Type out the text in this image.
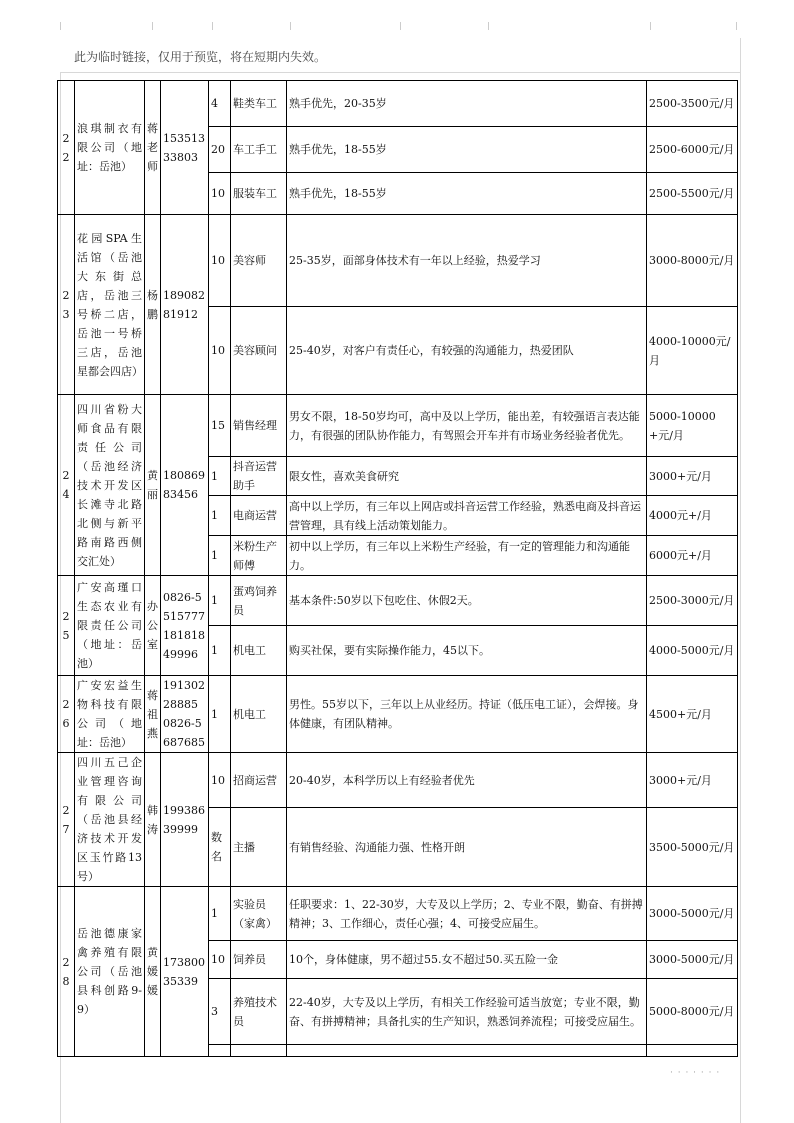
此为临时链接，仅用于预览，将在短期内失效。
22	浪琪制衣有限公司（地址：岳池）	蒋老师	15351333803	4	鞋类车工	熟手优先，20-35岁	2500-3500元/月
				20	车工手工	熟手优先，18-55岁	2500-6000元/月
				10	服装车工	熟手优先，18-55岁	2500-5500元/月
23	花园SPA生活馆（岳池大东街总店，岳池三号桥二店，岳池一号桥三店，岳池星都会四店）	杨鹏	18908281912	10	美容师	25-35岁，面部身体技术有一年以上经验，热爱学习	3000-8000元/月
				10	美容顾问	25-40岁，对客户有责任心，有较强的沟通能力，热爱团队	4000-10000元/月
24	四川省粉大师食品有限责任公司（岳池经济技术开发区长滩寺北路北侧与新平路南路西侧交汇处）	黄丽	18086983456	15	销售经理	男女不限，18-50岁均可，高中及以上学历，能出差，有较强语言表达能力，有很强的团队协作能力，有驾照会开车并有市场业务经验者优先。	5000-10000+元/月
				1	抖音运营助手	限女性，喜欢美食研究	3000+元/月
				1	电商运营	高中以上学历，有三年以上网店或抖音运营工作经验，熟悉电商及抖音运营管理，具有线上活动策划能力。	4000元+/月
				1	米粉生产师傅	初中以上学历，有三年以上米粉生产经验，有一定的管理能力和沟通能力。	6000元+/月
25	广安高瑾口生态农业有限责任公司（地址：岳池）	办公室	0826-5515777 18181849996	1	蛋鸡饲养员	基本条件:50岁以下包吃住、休假2天。	2500-3000元/月
				1	机电工	购买社保，要有实际操作能力，45以下。	4000-5000元/月
26	广安宏益生物科技有限公司（地址：岳池）	蒋祖燕	19130228885 0826-5687685	1	机电工	男性。55岁以下，三年以上从业经历。持证（低压电工证），会焊接。身体健康，有团队精神。	4500+元/月
27	四川五己企业管理咨询有限公司（岳池县经济技术开发区玉竹路13号）	韩涛	19938639999	10	招商运营	20-40岁，本科学历以上有经验者优先	3000+元/月
				数名	主播	有销售经验、沟通能力强、性格开朗	3500-5000元/月
28	岳池德康家禽养殖有限公司（岳池县科创路9-9）	黄媛媛	17380035339	1	实验员（家禽）	任职要求：1、22-30岁，大专及以上学历；2、专业不限，勤奋、有拼搏精神；3、工作细心，责任心强；4、可接受应届生。	3000-5000元/月
				10	饲养员	10个，身体健康，男不超过55.女不超过50.买五险一金	3000-5000元/月
				3	养殖技术员	22-40岁，大专及以上学历，有相关工作经验可适当放宽；专业不限，勤奋、有拼搏精神；具备扎实的生产知识，熟悉饲养流程；可接受应届生。	5000-8000元/月

· · · · · · ·
